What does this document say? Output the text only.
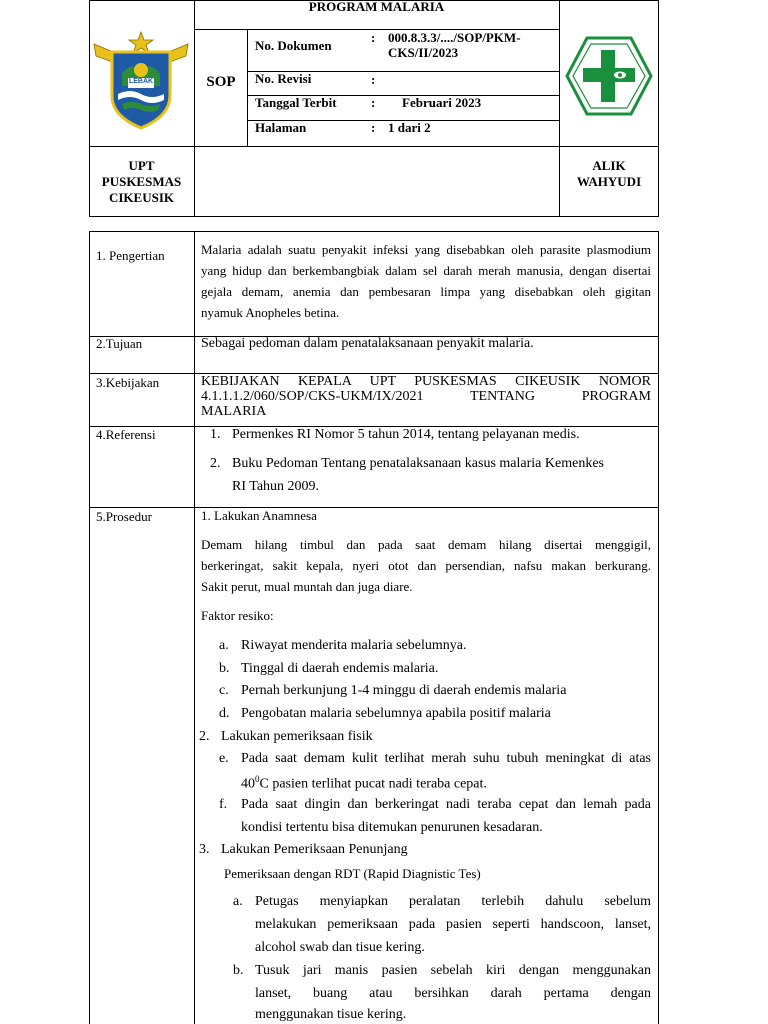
LEBAK
PROGRAM MALARIA
SOP
No. Dokumen
: 000.8.3.3/..../SOP/PKM-
CKS/II/2023
No. Revisi	:
Tanggal Terbit	: Februari 2023
Halaman	: 1 dari 2
UPT
PUSKESMAS
CIKEUSIK
ALIK
WAHYUDI
1. Pengertian	Malaria adalah suatu penyakit infeksi yang disebabkan oleh parasite plasmodium
yang hidup dan berkembangbiak dalam sel darah merah manusia, dengan disertai
gejala demam, anemia dan pembesaran limpa yang disebabkan oleh gigitan
nyamuk Anopheles betina.
2.Tujuan	Sebagai pedoman dalam penatalaksanaan penyakit malaria.
3.Kebijakan	KEBIJAKAN KEPALA UPT PUSKESMAS CIKEUSIK NOMOR
4.1.1.1.2/060/SOP/CKS-UKM/IX/2021 TENTANG PROGRAM
MALARIA
4.Referensi	1. Permenkes RI Nomor 5 tahun 2014, tentang pelayanan medis.
2. Buku Pedoman Tentang penatalaksanaan kasus malaria Kemenkes
RI Tahun 2009.
5.Prosedur	1. Lakukan Anamnesa
Demam hilang timbul dan pada saat demam hilang disertai menggigil,
berkeringat, sakit kepala, nyeri otot dan persendian, nafsu makan berkurang.
Sakit perut, mual muntah dan juga diare.
Faktor resiko:
a. Riwayat menderita malaria sebelumnya.
b. Tinggal di daerah endemis malaria.
c. Pernah berkunjung 1-4 minggu di daerah endemis malaria
d. Pengobatan malaria sebelumnya apabila positif malaria
2. Lakukan pemeriksaan fisik
e. Pada saat demam kulit terlihat merah suhu tubuh meningkat di atas
$40^0C$ pasien terlihat pucat nadi teraba cepat.
f. Pada saat dingin dan berkeringat nadi teraba cepat dan lemah pada
kondisi tertentu bisa ditemukan penurunen kesadaran.
3. Lakukan Pemeriksaan Penunjang
Pemeriksaan dengan RDT (Rapid Diagnistic Tes)
a. Petugas menyiapkan peralatan terlebih dahulu sebelum
melakukan pemeriksaan pada pasien seperti handscoon, lanset,
alcohol swab dan tisue kering.
b. Tusuk jari manis pasien sebelah kiri dengan menggunakan
lanset, buang atau bersihkan darah pertama dengan
menggunakan tisue kering.
